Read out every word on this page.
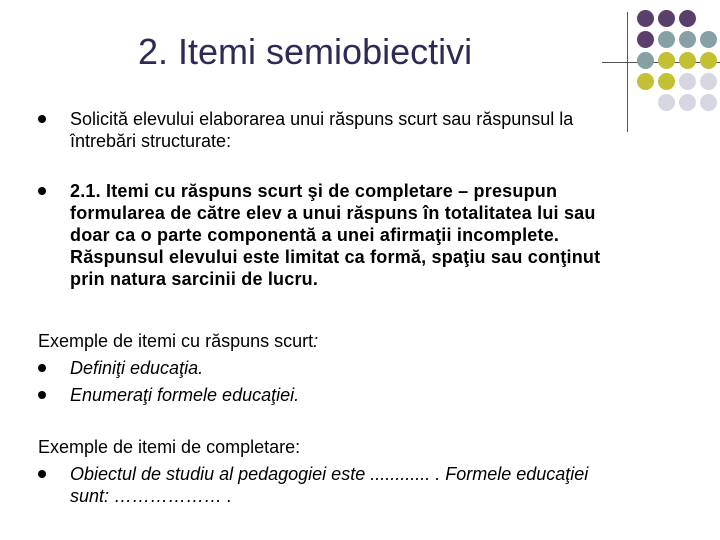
2. Itemi semiobiectivi
Solicită elevului elaborarea unui răspuns scurt sau răspunsul la
întrebări structurate:
2.1. Itemi cu răspuns scurt şi de completare – presupun
formularea de către elev a unui răspuns în totalitatea lui sau
doar ca o parte componentă a unei afirmaţii incomplete.
Răspunsul elevului este limitat ca formă, spaţiu sau conţinut
prin natura sarcinii de lucru.
Exemple de itemi cu răspuns scurt:
Definiţi educaţia.
Enumeraţi formele educaţiei.
Exemple de itemi de completare:
Obiectul de studiu al pedagogiei este ............ . Formele educaţiei
sunt: ……………… .
